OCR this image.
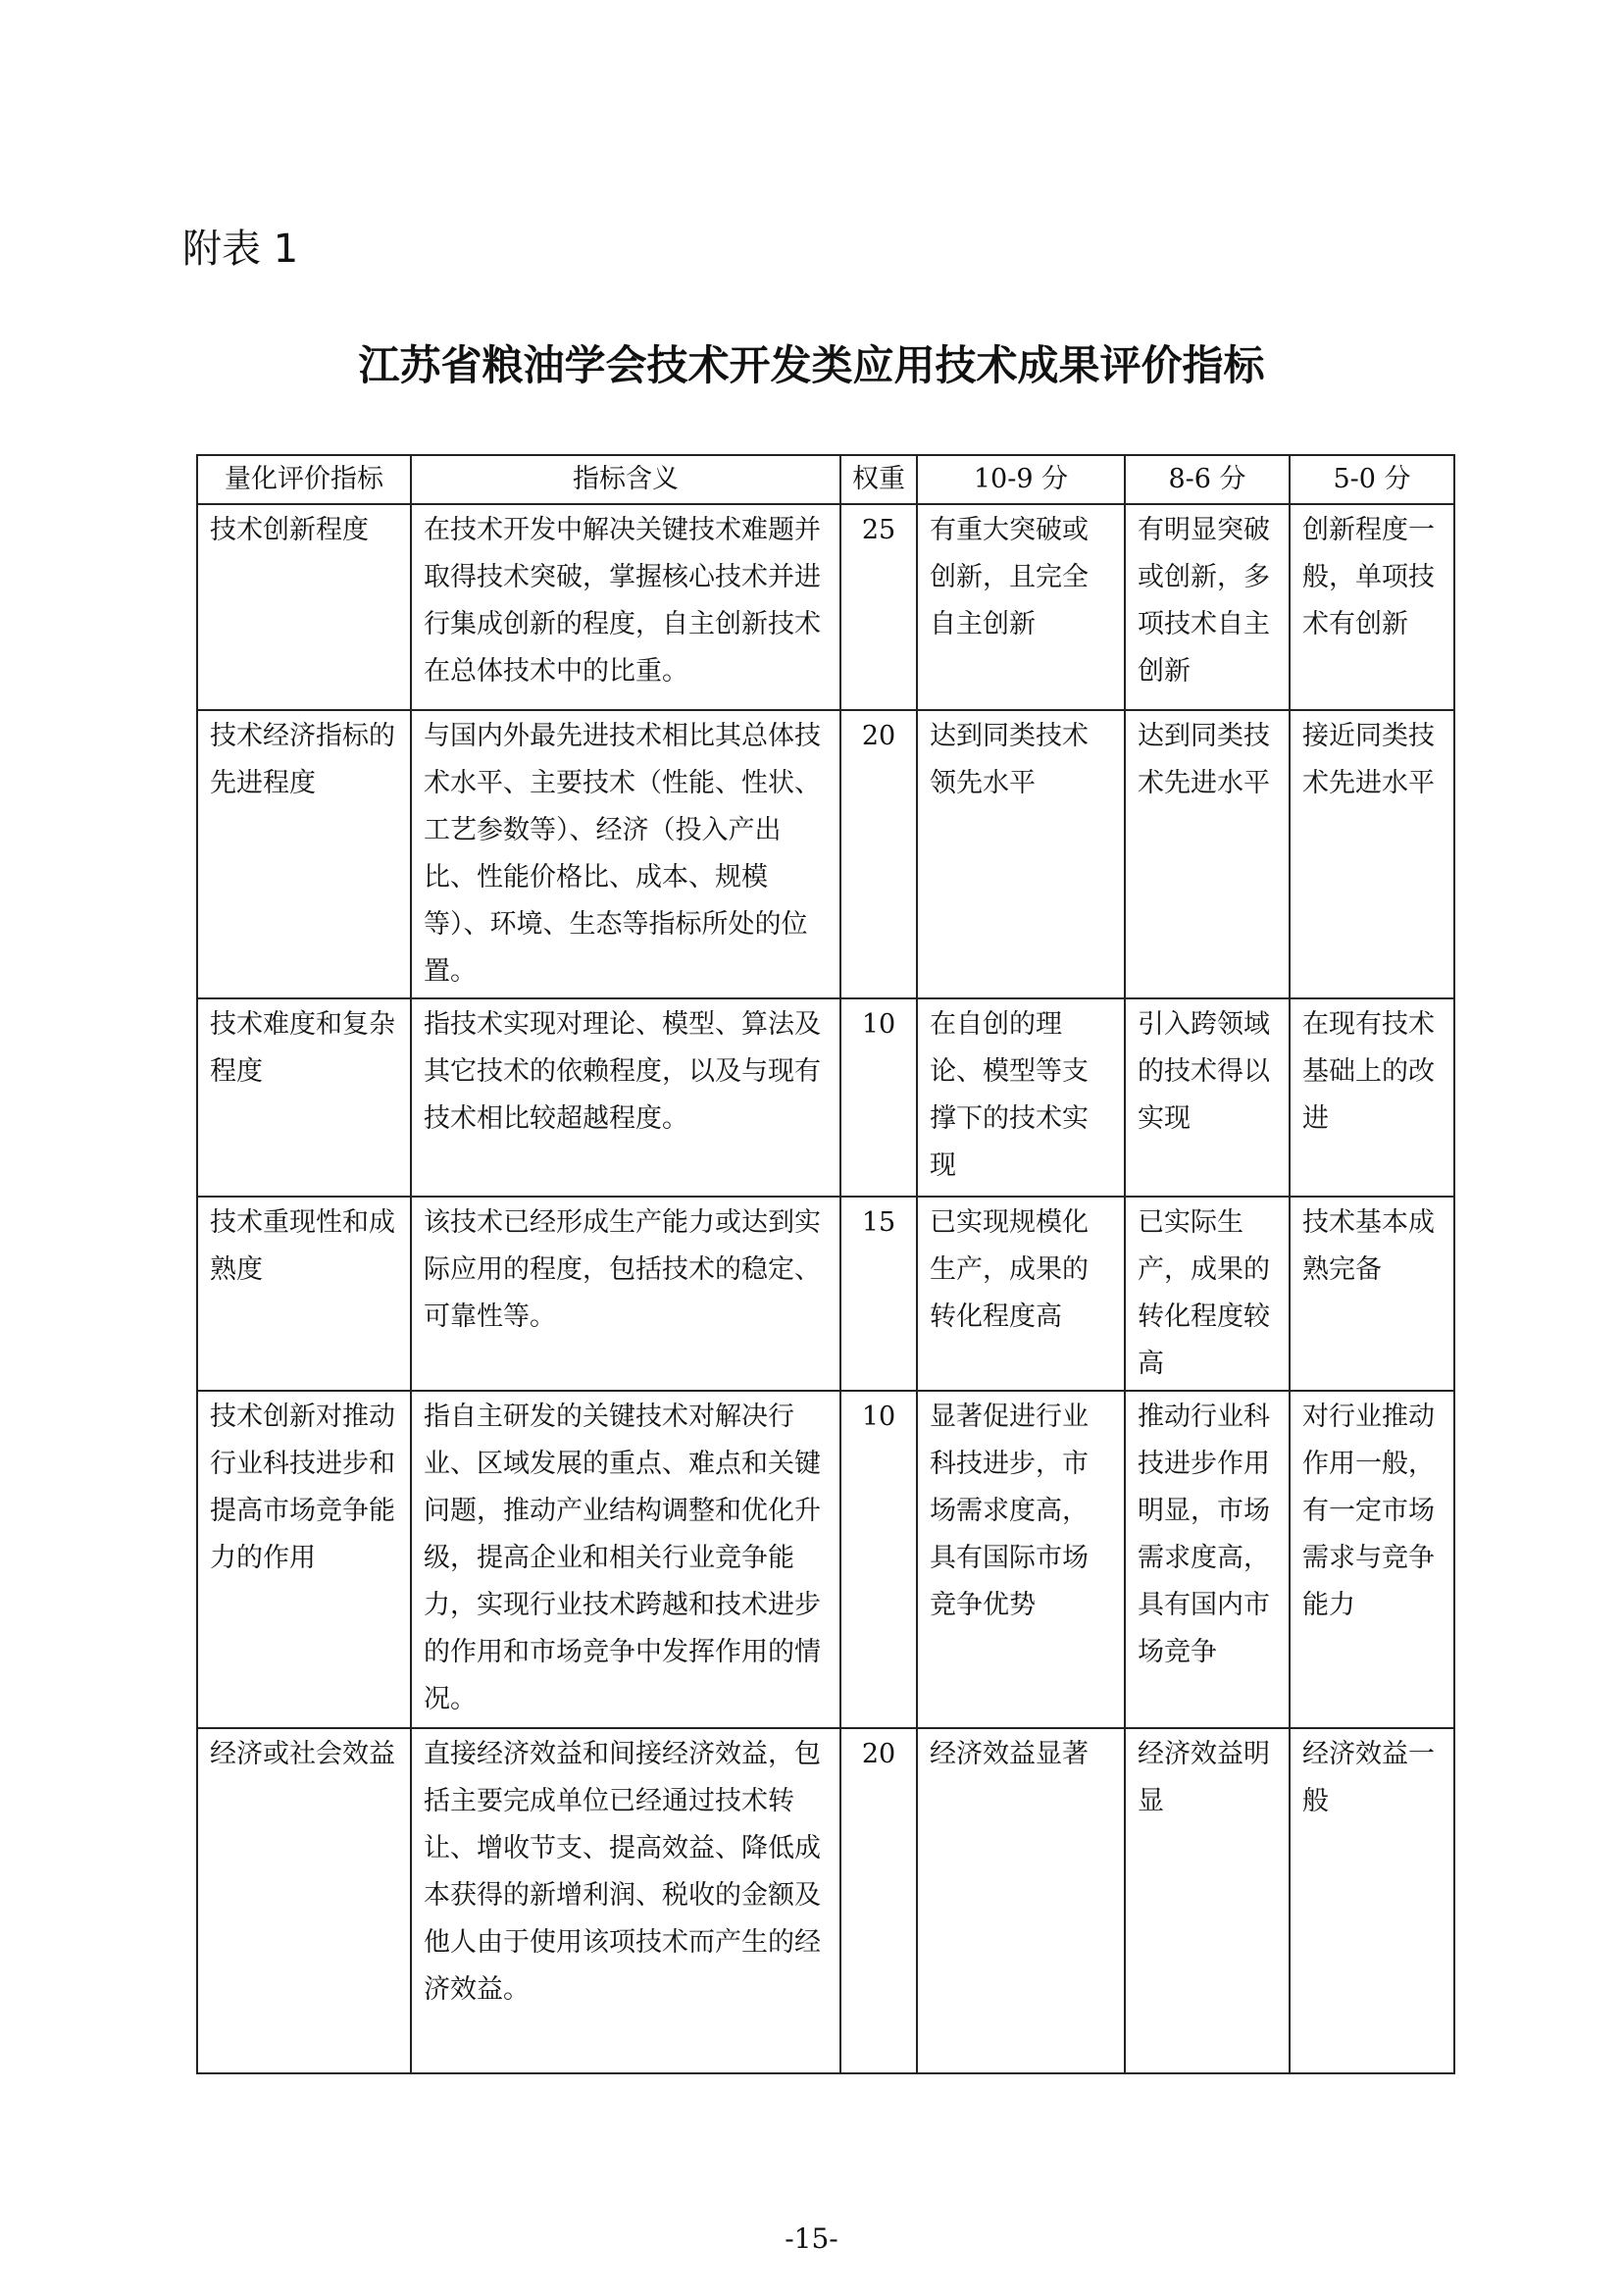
附表 1
江苏省粮油学会技术开发类应用技术成果评价指标
量化评价指标	指标含义	权重	10-9 分	8-6 分	5-0 分
技术创新程度	在技术开发中解决关键技术难题并取得技术突破，掌握核心技术并进行集成创新的程度，自主创新技术在总体技术中的比重。	25	有重大突破或创新，且完全自主创新	有明显突破或创新，多项技术自主创新	创新程度一般，单项技术有创新
技术经济指标的先进程度	与国内外最先进技术相比其总体技术水平、主要技术（性能、性状、工艺参数等）、经济（投入产出比、性能价格比、成本、规模等）、环境、生态等指标所处的位置。	20	达到同类技术领先水平	达到同类技术先进水平	接近同类技术先进水平
技术难度和复杂程度	指技术实现对理论、模型、算法及其它技术的依赖程度，以及与现有技术相比较超越程度。	10	在自创的理论、模型等支撑下的技术实现	引入跨领域的技术得以实现	在现有技术基础上的改进
技术重现性和成熟度	该技术已经形成生产能力或达到实际应用的程度，包括技术的稳定、可靠性等。	15	已实现规模化生产，成果的转化程度高	已实际生产，成果的转化程度较高	技术基本成熟完备
技术创新对推动行业科技进步和提高市场竞争能力的作用	指自主研发的关键技术对解决行业、区域发展的重点、难点和关键问题，推动产业结构调整和优化升级，提高企业和相关行业竞争能力，实现行业技术跨越和技术进步的作用和市场竞争中发挥作用的情况。	10	显著促进行业科技进步，市场需求度高，具有国际市场竞争优势	推动行业科技进步作用明显，市场需求度高，具有国内市场竞争	对行业推动作用一般，有一定市场需求与竞争能力
经济或社会效益	直接经济效益和间接经济效益，包括主要完成单位已经通过技术转让、增收节支、提高效益、降低成本获得的新增利润、税收的金额及他人由于使用该项技术而产生的经济效益。	20	经济效益显著	经济效益明显	经济效益一般
-15-
